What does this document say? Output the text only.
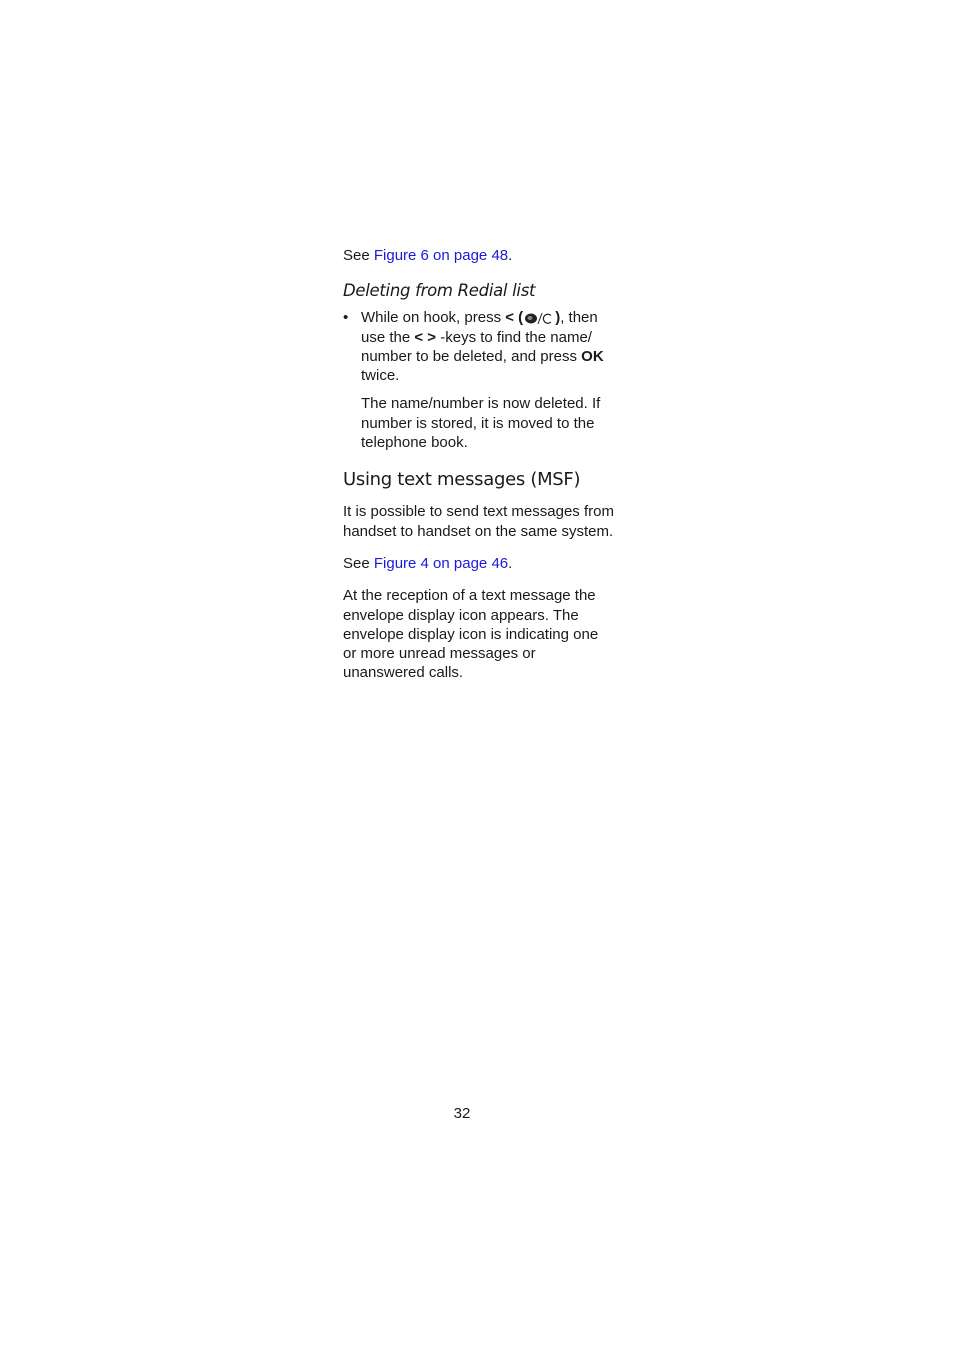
See Figure 6 on page 48.

Deleting from Redial list
• While on hook, press < ( ), then use the < > -keys to find the name/ number to be deleted, and press OK twice.

The name/number is now deleted. If number is stored, it is moved to the telephone book.

Using text messages (MSF)

It is possible to send text messages from handset to handset on the same system.

See Figure 4 on page 46.

At the reception of a text message the envelope display icon appears. The envelope display icon is indicating one or more unread messages or unanswered calls.

32
